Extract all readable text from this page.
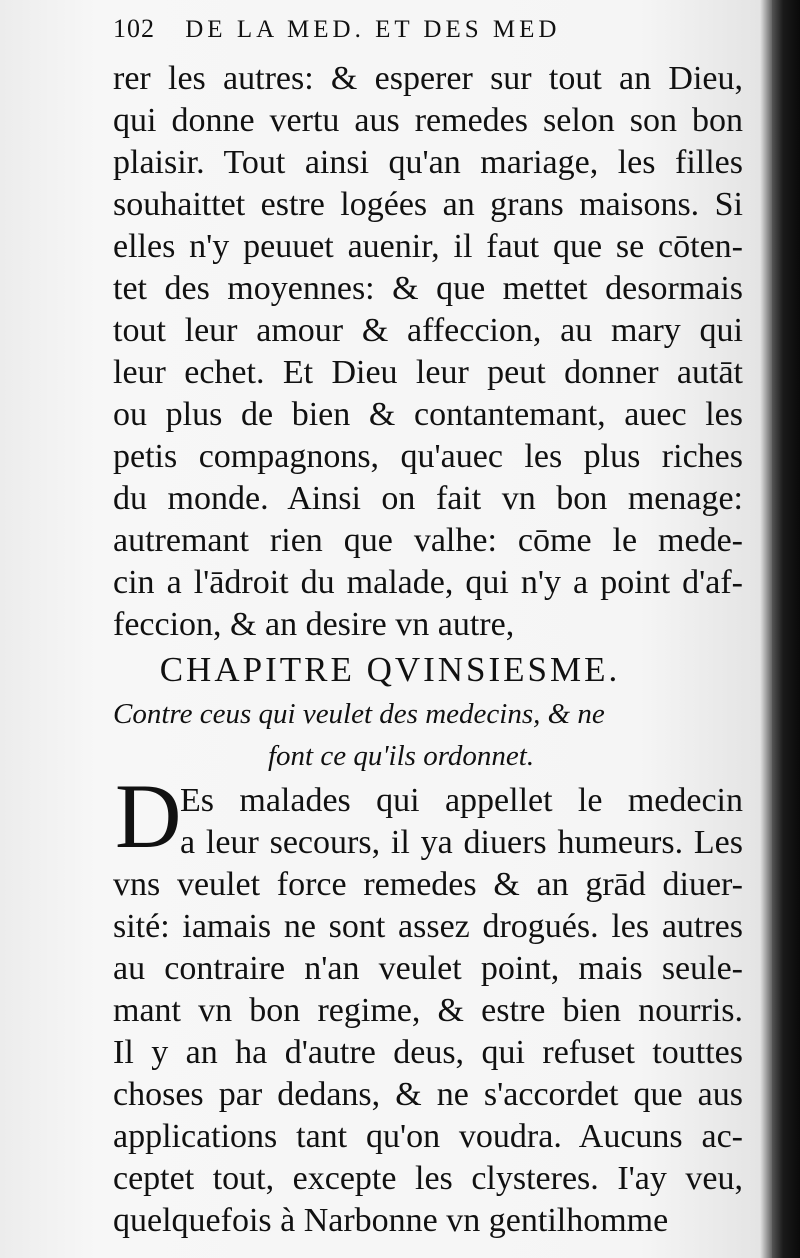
102 DE LA MED. ET DES MED
rer les autres: & esperer sur tout an Dieu,
qui donne vertu aus remedes selon son bon
plaisir. Tout ainsi qu'an mariage, les filles
souhaittet estre logées an grans maisons. Si
elles n'y peuuet auenir, il faut que se cōten-
tet des moyennes: & que mettet desormais
tout leur amour & affeccion, au mary qui
leur echet. Et Dieu leur peut donner autāt
ou plus de bien & contantemant, auec les
petis compagnons, qu'auec les plus riches
du monde. Ainsi on fait vn bon menage:
autremant rien que valhe: cōme le mede-
cin a l'ādroit du malade, qui n'y a point d'af-
feccion, & an desire vn autre,
CHAPITRE QVINSIESME.
Contre ceus qui veulet des medecins, & ne
font ce qu'ils ordonnet.
D
Es malades qui appellet le medecin
a leur secours, il ya diuers humeurs. Les
vns veulet force remedes & an grād diuer-
sité: iamais ne sont assez drogués. les autres
au contraire n'an veulet point, mais seule-
mant vn bon regime, & estre bien nourris.
Il y an ha d'autre deus, qui refuset touttes
choses par dedans, & ne s'accordet que aus
applications tant qu'on voudra. Aucuns ac-
ceptet tout, excepte les clysteres. I'ay veu,
quelquefois à Narbonne vn gentilhomme
